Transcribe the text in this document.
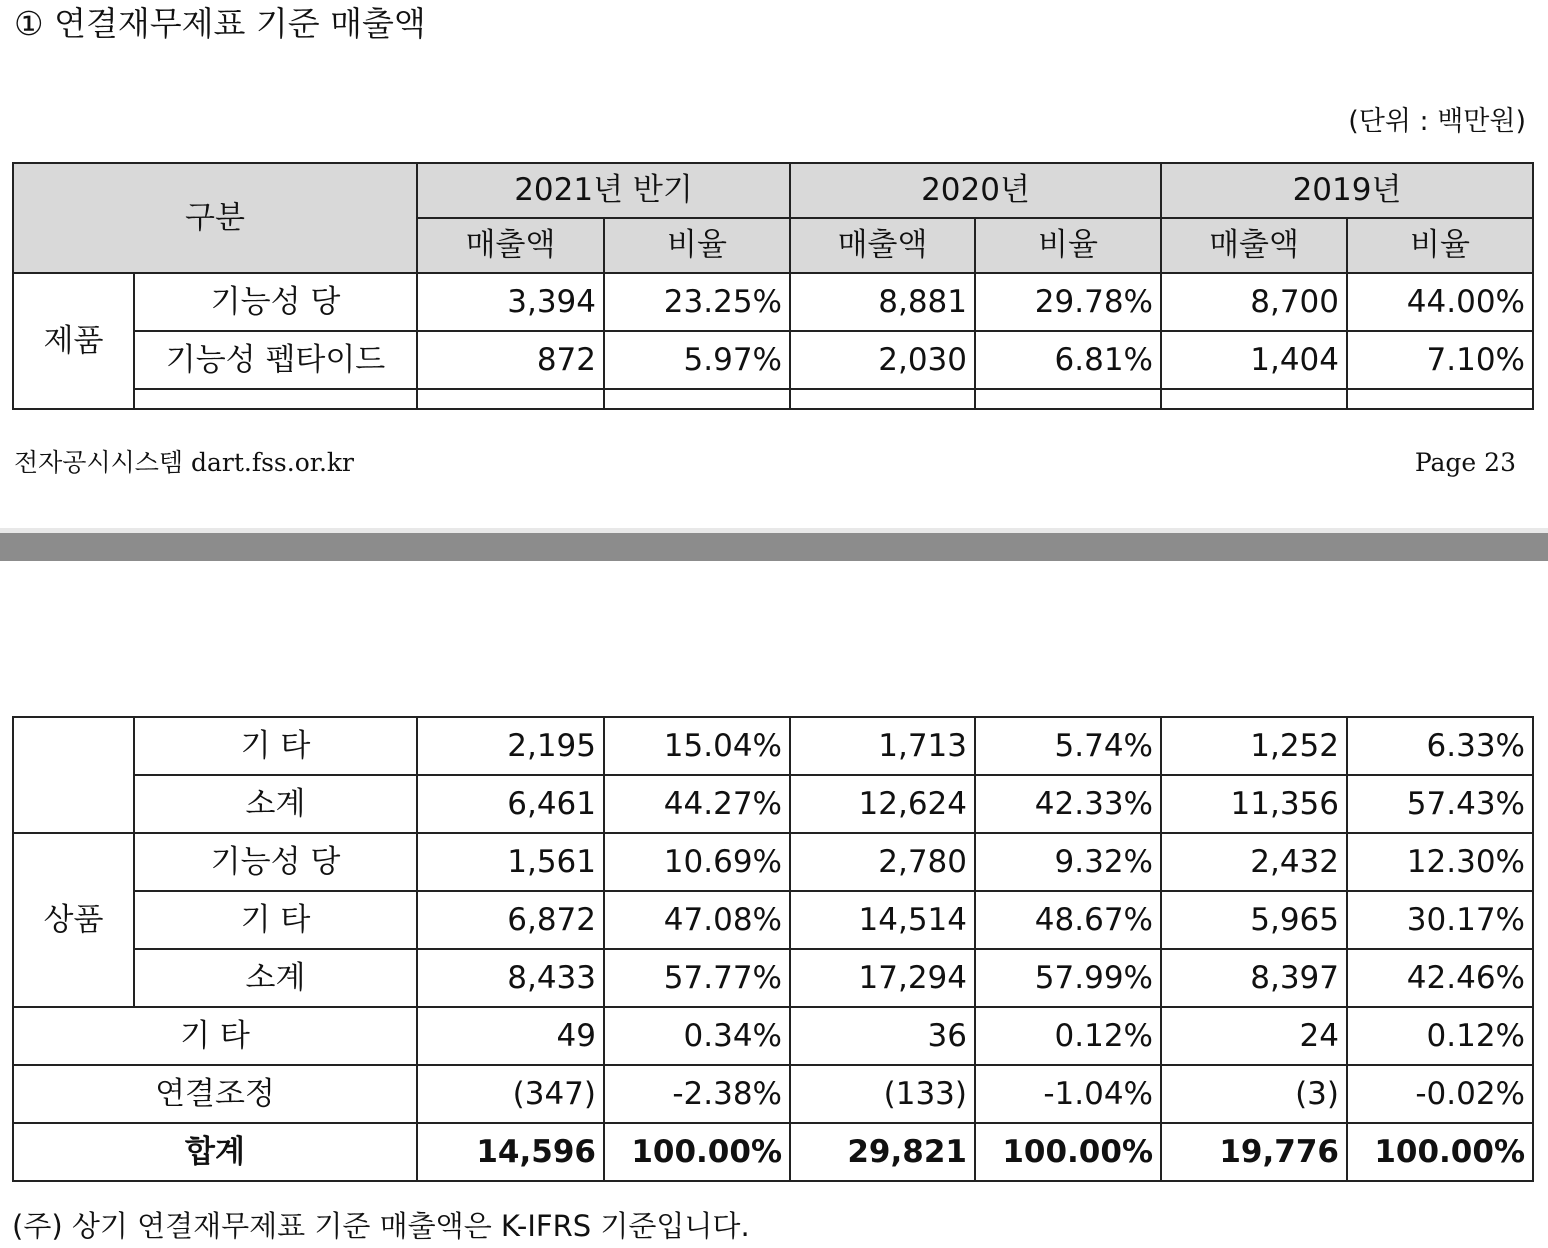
① 연결재무제표 기준 매출액
(단위 : 백만원)
구분		2021년 반기		2020년		2019년	
		매출액	비율	매출액	비율	매출액	비율
제품	기능성 당	3,394	23.25%	8,881	29.78%	8,700	44.00%
	기능성 펩타이드	872	5.97%	2,030	6.81%	1,404	7.10%

전자공시시스템 dart.fss.or.kr	Page 23
	기 타	2,195	15.04%	1,713	5.74%	1,252	6.33%
	소계	6,461	44.27%	12,624	42.33%	11,356	57.43%
상품	기능성 당	1,561	10.69%	2,780	9.32%	2,432	12.30%
	기 타	6,872	47.08%	14,514	48.67%	5,965	30.17%
	소계	8,433	57.77%	17,294	57.99%	8,397	42.46%
기 타		49	0.34%	36	0.12%	24	0.12%
연결조정		(347)	-2.38%	(133)	-1.04%	(3)	-0.02%
합계		14,596	100.00%	29,821	100.00%	19,776	100.00%
(주) 상기 연결재무제표 기준 매출액은 K-IFRS 기준입니다.
